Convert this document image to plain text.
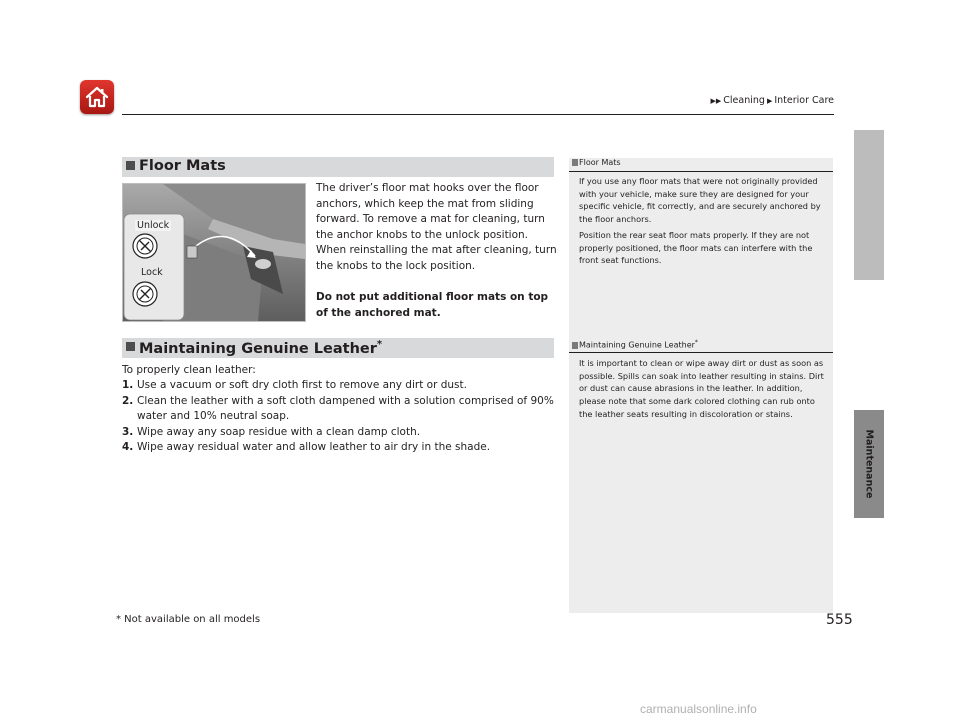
▶▶ Cleaning ▶ Interior Care
Maintenance
Floor Mats
Unlock
Lock
The driver’s floor mat hooks over the floor anchors, which keep the mat from sliding forward. To remove a mat for cleaning, turn the anchor knobs to the unlock position. When reinstalling the mat after cleaning, turn the knobs to the lock position.
Do not put additional floor mats on top of the anchored mat.
Maintaining Genuine Leather*
To properly clean leather:
1. Use a vacuum or soft dry cloth first to remove any dirt or dust.
2. Clean the leather with a soft cloth dampened with a solution comprised of 90% water and 10% neutral soap.
3. Wipe away any soap residue with a clean damp cloth.
4. Wipe away residual water and allow leather to air dry in the shade.
Floor Mats
If you use any floor mats that were not originally provided with your vehicle, make sure they are designed for your specific vehicle, fit correctly, and are securely anchored by the floor anchors.
Position the rear seat floor mats properly. If they are not properly positioned, the floor mats can interfere with the front seat functions.
Maintaining Genuine Leather*
It is important to clean or wipe away dirt or dust as soon as possible. Spills can soak into leather resulting in stains. Dirt or dust can cause abrasions in the leather. In addition, please note that some dark colored clothing can rub onto the leather seats resulting in discoloration or stains.
* Not available on all models	555
carmanualsonline.info
